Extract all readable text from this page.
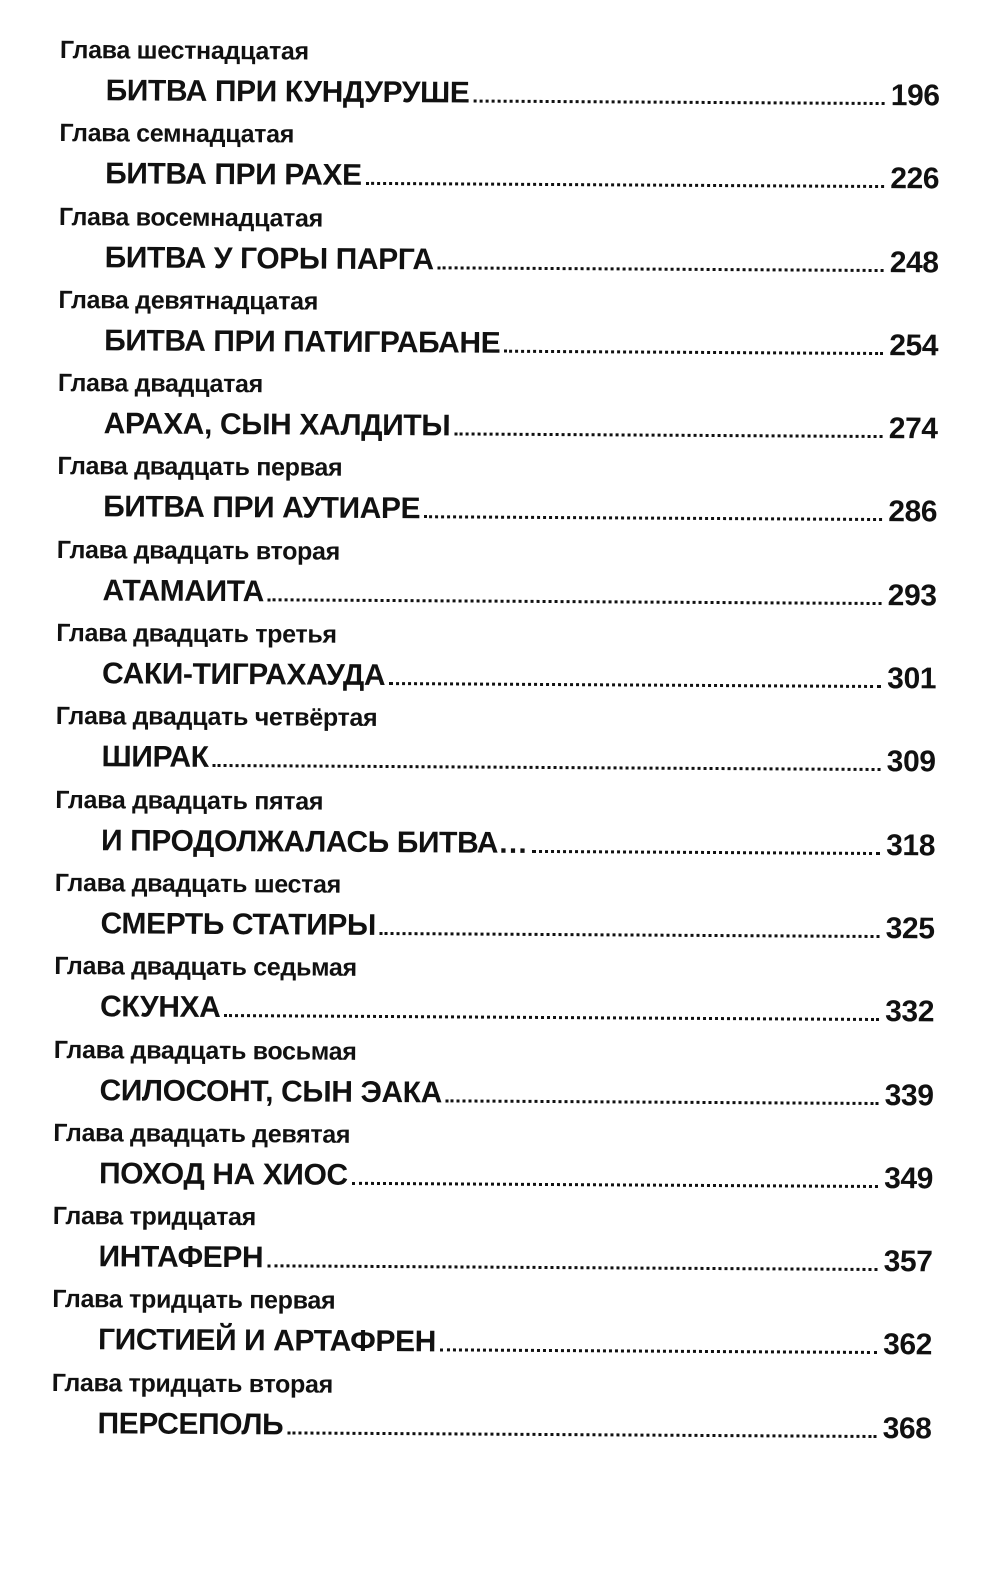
Глава шестнадцатая
БИТВА ПРИ КУНДУРУШЕ	196
Глава семнадцатая
БИТВА ПРИ РАХЕ	226
Глава восемнадцатая
БИТВА У ГОРЫ ПАРГА	248
Глава девятнадцатая
БИТВА ПРИ ПАТИГРАБАНЕ	254
Глава двадцатая
АРАХА, СЫН ХАЛДИТЫ	274
Глава двадцать первая
БИТВА ПРИ АУТИАРЕ	286
Глава двадцать вторая
АТАМАИТА	293
Глава двадцать третья
САКИ-ТИГРАХАУДА	301
Глава двадцать четвёртая
ШИРАК	309
Глава двадцать пятая
И ПРОДОЛЖАЛАСЬ БИТВА…	318
Глава двадцать шестая
СМЕРТЬ СТАТИРЫ	325
Глава двадцать седьмая
СКУНХА	332
Глава двадцать восьмая
СИЛОСОНТ, СЫН ЭАКА	339
Глава двадцать девятая
ПОХОД НА ХИОС	349
Глава тридцатая
ИНТАФЕРН	357
Глава тридцать первая
ГИСТИЕЙ И АРТАФРЕН	362
Глава тридцать вторая
ПЕРСЕПОЛЬ	368
